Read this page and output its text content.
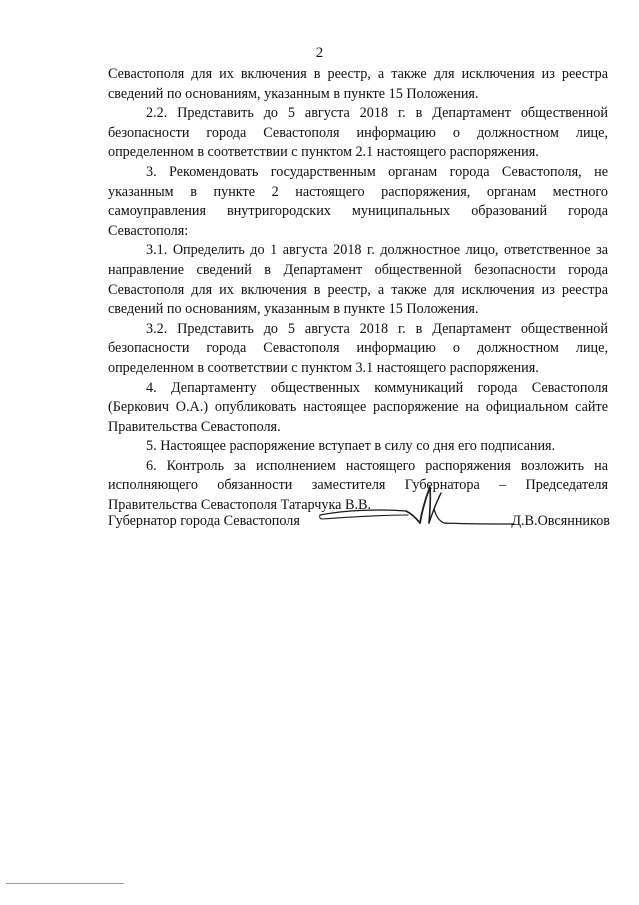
2

Севастополя для их включения в реестр, а также для исключения из реестра сведений по основаниям, указанным в пункте 15 Положения.

2.2. Представить до 5 августа 2018 г. в Департамент общественной безопасности города Севастополя информацию о должностном лице, определенном в соответствии с пунктом 2.1 настоящего распоряжения.

3. Рекомендовать государственным органам города Севастополя, не указанным в пункте 2 настоящего распоряжения, органам местного самоуправления внутригородских муниципальных образований города Севастополя:

3.1. Определить до 1 августа 2018 г. должностное лицо, ответственное за направление сведений в Департамент общественной безопасности города Севастополя для их включения в реестр, а также для исключения из реестра сведений по основаниям, указанным в пункте 15 Положения.

3.2. Представить до 5 августа 2018 г. в Департамент общественной безопасности города Севастополя информацию о должностном лице, определенном в соответствии с пунктом 3.1 настоящего распоряжения.

4. Департаменту общественных коммуникаций города Севастополя (Беркович О.А.) опубликовать настоящее распоряжение на официальном сайте Правительства Севастополя.

5. Настоящее распоряжение вступает в силу со дня его подписания.

6. Контроль за исполнением настоящего распоряжения возложить на исполняющего обязанности заместителя Губернатора – Председателя Правительства Севастополя Татарчука В.В.

Губернатор города Севастополя	Д.В.Овсянников
